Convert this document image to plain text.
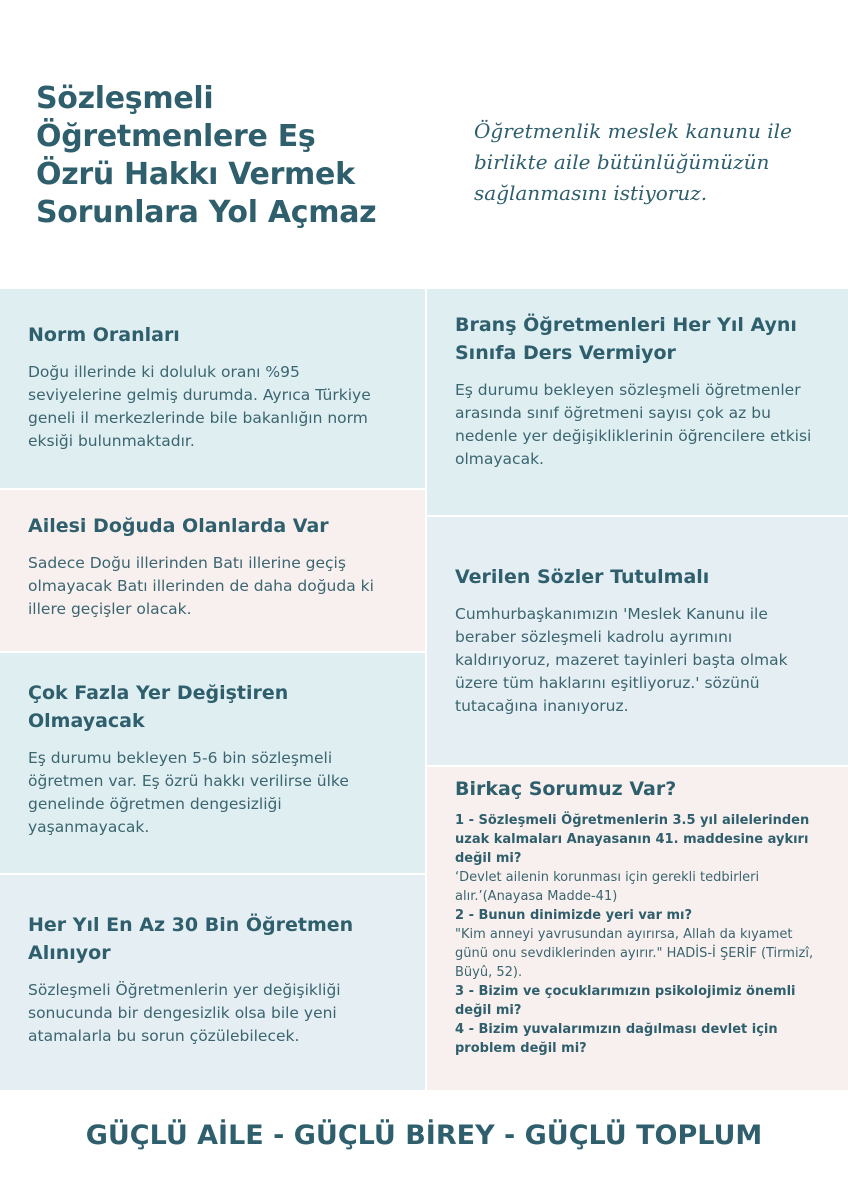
Sözleşmeli
Öğretmenlere Eş
Özrü Hakkı Vermek
Sorunlara Yol Açmaz
Öğretmenlik meslek kanunu ile
birlikte aile bütünlüğümüzün
sağlanmasını istiyoruz.
Norm Oranları

Doğu illerinde ki doluluk oranı %95 seviyelerine gelmiş durumda. Ayrıca Türkiye geneli il merkezlerinde bile bakanlığın norm eksiği bulunmaktadır.

Ailesi Doğuda Olanlarda Var

Sadece Doğu illerinden Batı illerine geçiş olmayacak Batı illerinden de daha doğuda ki illere geçişler olacak.

Çok Fazla Yer Değiştiren Olmayacak

Eş durumu bekleyen 5-6 bin sözleşmeli öğretmen var. Eş özrü hakkı verilirse ülke genelinde öğretmen dengesizliği yaşanmayacak.

Her Yıl En Az 30 Bin Öğretmen Alınıyor

Sözleşmeli Öğretmenlerin yer değişikliği sonucunda bir dengesizlik olsa bile yeni atamalarla bu sorun çözülebilecek.

Branş Öğretmenleri Her Yıl Aynı Sınıfa Ders Vermiyor

Eş durumu bekleyen sözleşmeli öğretmenler arasında sınıf öğretmeni sayısı çok az bu nedenle yer değişikliklerinin öğrencilere etkisi olmayacak.

Verilen Sözler Tutulmalı

Cumhurbaşkanımızın 'Meslek Kanunu ile beraber sözleşmeli kadrolu ayrımını kaldırıyoruz, mazeret tayinleri başta olmak üzere tüm haklarını eşitliyoruz.' sözünü tutacağına inanıyoruz.

Birkaç Sorumuz Var?
1 - Sözleşmeli Öğretmenlerin 3.5 yıl ailelerinden uzak kalmaları Anayasanın 41. maddesine aykırı değil mi?
‘Devlet ailenin korunması için gerekli tedbirleri alır.’(Anayasa Madde-41)
2 - Bunun dinimizde yeri var mı?
"Kim anneyi yavrusundan ayırırsa, Allah da kıyamet günü onu sevdiklerinden ayırır." HADİS-İ ŞERİF (Tirmizî, Büyû, 52).
3 - Bizim ve çocuklarımızın psikolojimiz önemli değil mi?
4 - Bizim yuvalarımızın dağılması devlet için problem değil mi?
GÜÇLÜ AİLE - GÜÇLÜ BİREY - GÜÇLÜ TOPLUM
